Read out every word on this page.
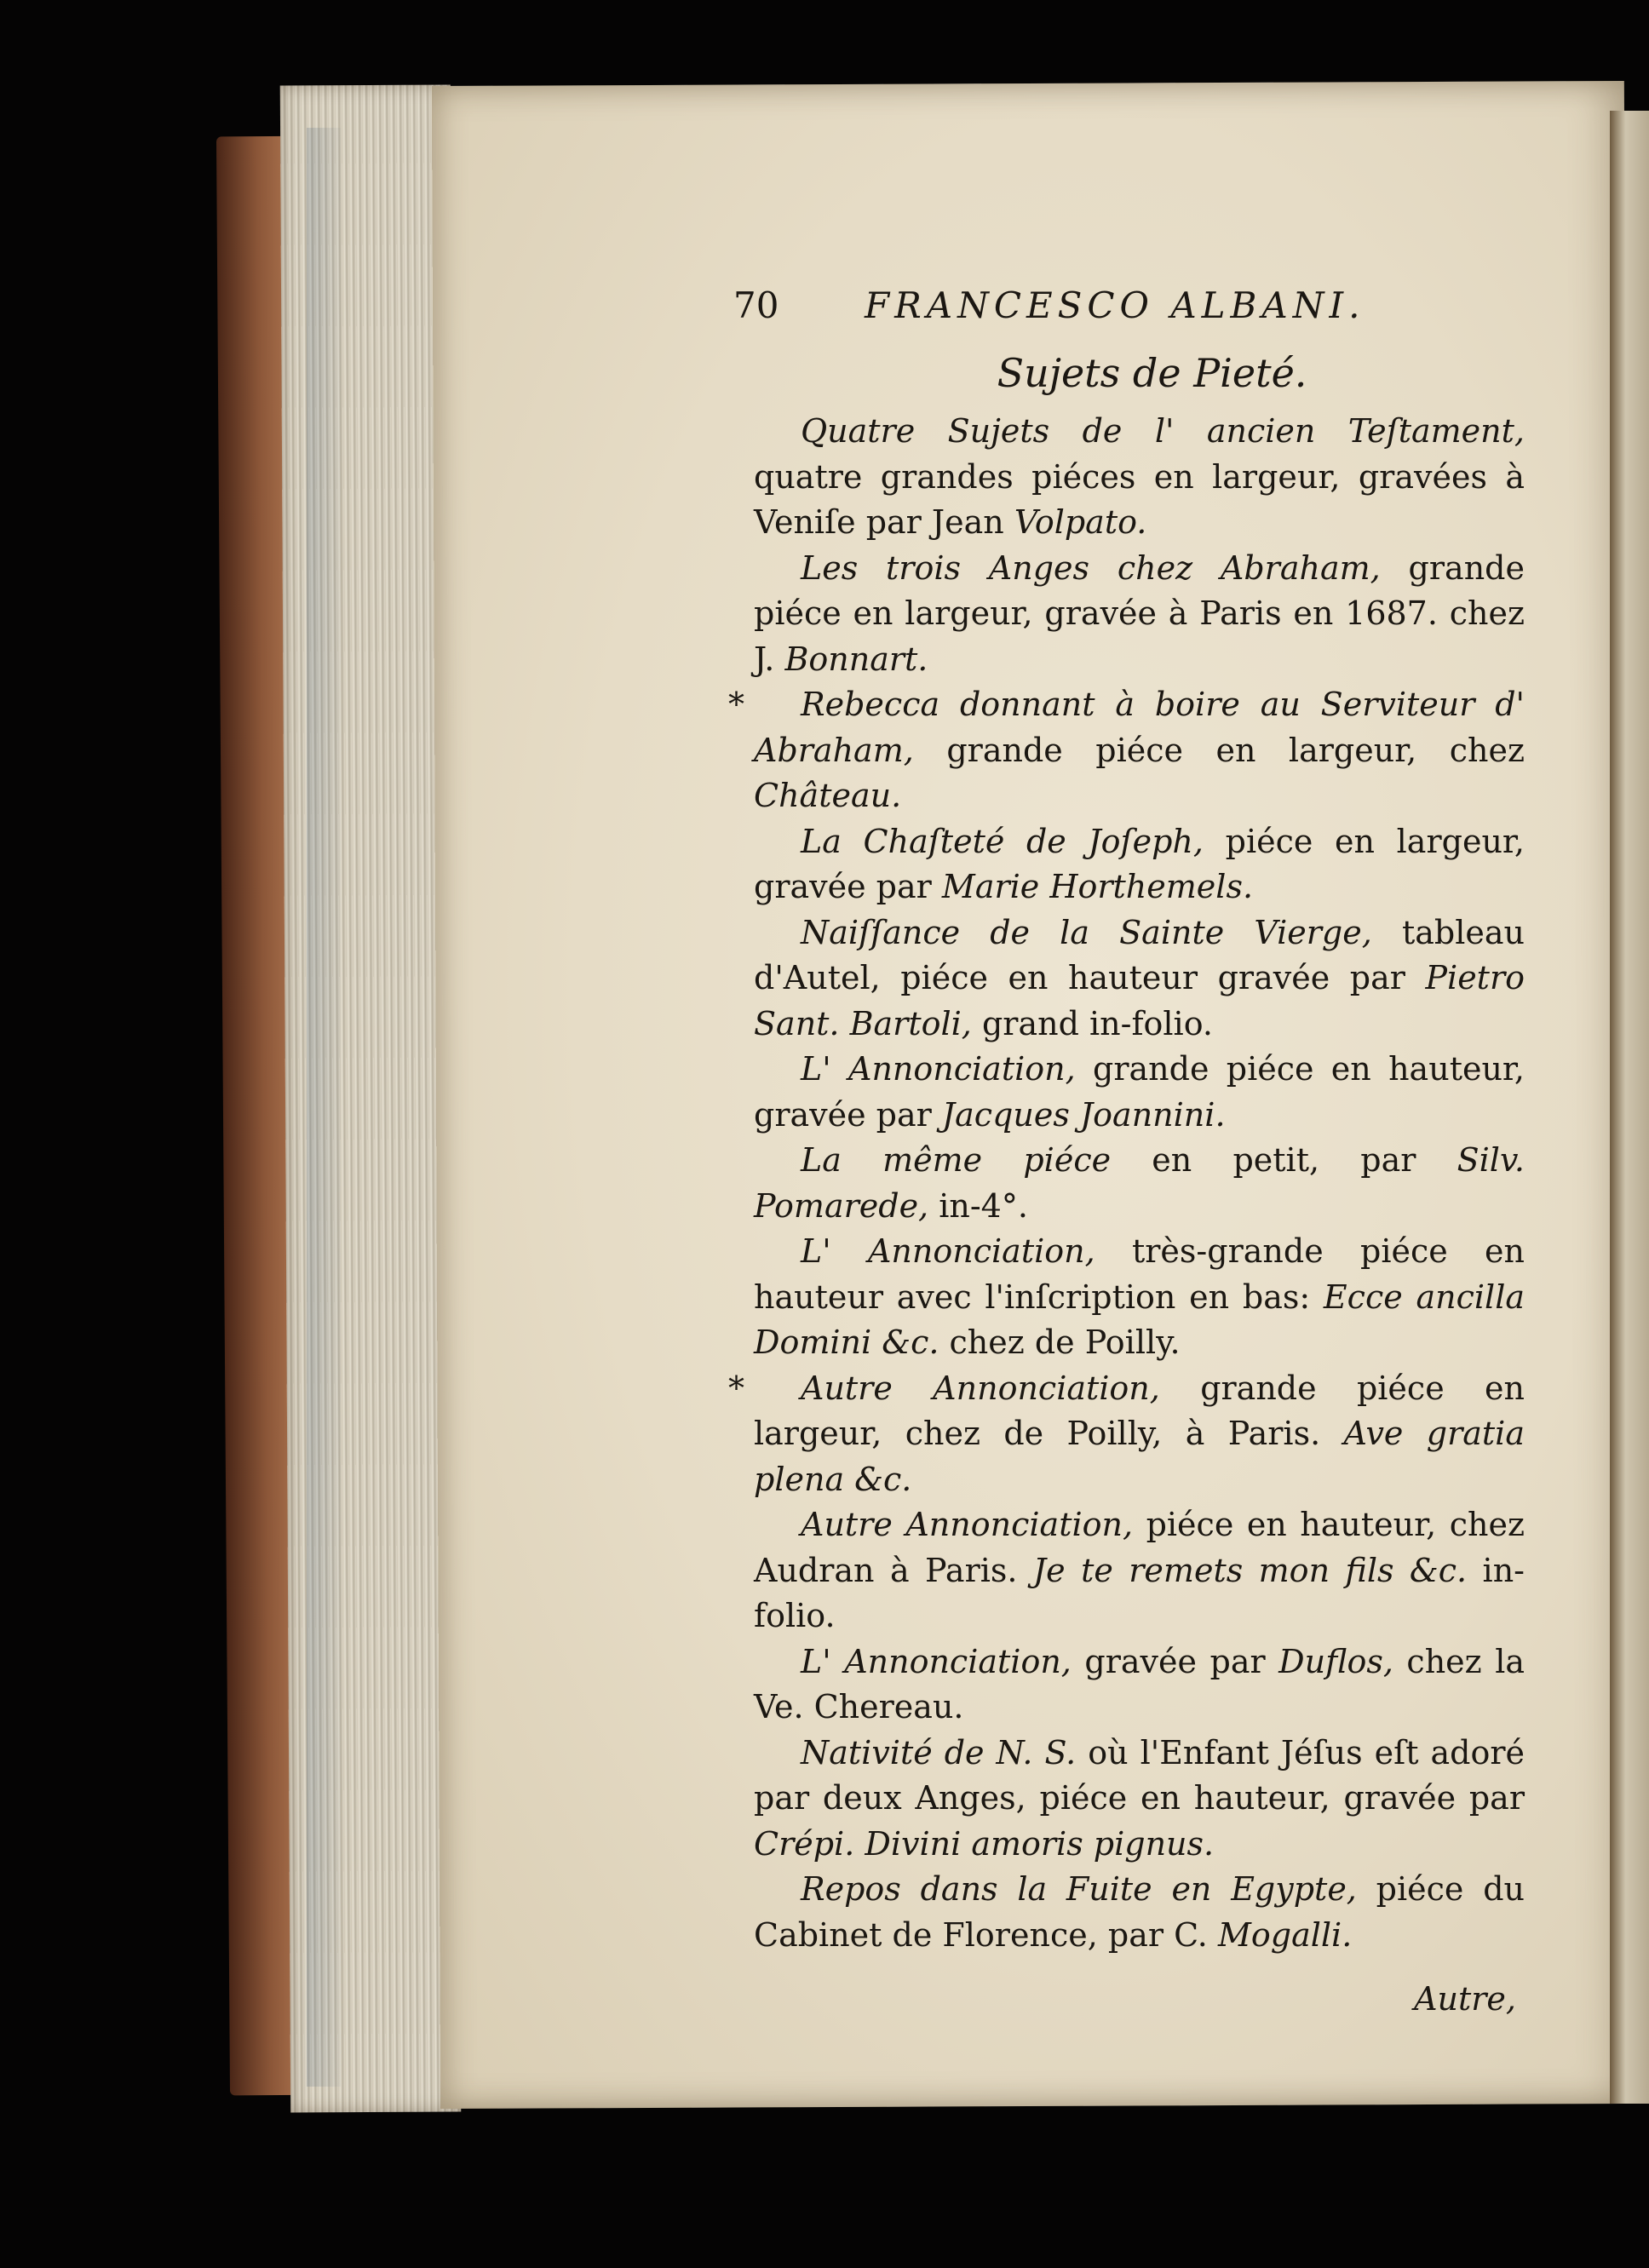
70 FRANCESCO ALBANI.
Sujets de Pieté.

Quatre Sujets de l' ancien Teſtament, quatre grandes piéces en largeur, gravées à Veniſe par Jean Volpato.

Les trois Anges chez Abraham, grande piéce en largeur, gravée à Paris en 1687. chez J. Bonnart.

* Rebecca donnant à boire au Serviteur d' Abraham, grande piéce en largeur, chez Château.

La Chaſteté de Joſeph, piéce en largeur, gravée par Marie Horthemels.

Naiſſance de la Sainte Vierge, tableau d'Autel, piéce en hauteur gravée par Pietro Sant. Bartoli, grand in-folio.

L' Annonciation, grande piéce en hauteur, gravée par Jacques Joannini.

La même piéce en petit, par Silv. Pomarede, in-4°.

L' Annonciation, très-grande piéce en hauteur avec l'inſcription en bas: Ecce ancilla Domini &c. chez de Poilly.

* Autre Annonciation, grande piéce en largeur, chez de Poilly, à Paris. Ave gratia plena &c.

Autre Annonciation, piéce en hauteur, chez Audran à Paris. Je te remets mon fils &c. in-folio.

L' Annonciation, gravée par Duflos, chez la Ve. Chereau.

Nativité de N. S. où l'Enfant Jéſus eſt adoré par deux Anges, piéce en hauteur, gravée par Crépi. Divini amoris pignus.

Repos dans la Fuite en Egypte, piéce du Cabinet de Florence, par C. Mogalli.

Autre,
